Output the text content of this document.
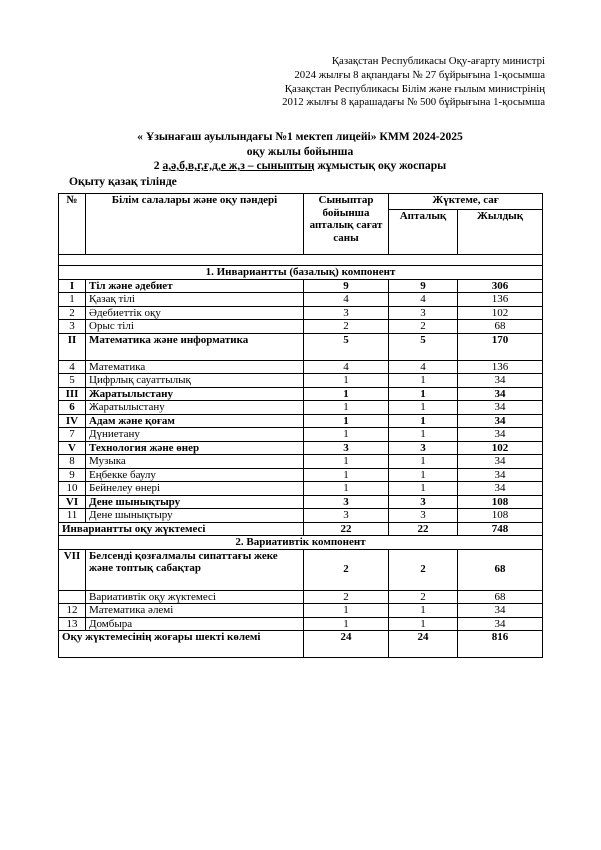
Қазақстан Республикасы Оқу-ағарту министрі
2024 жылғы 8 ақпандағы № 27 бұйрығына 1-қосымша
Қазақстан Республикасы Білім және ғылым министрінің
2012 жылғы 8 қарашадағы № 500 бұйрығына 1-қосымша
« Ұзынағаш ауылындағы №1 мектеп лицейі» КММ 2024-2025
оқу жылы бойынша
2 а,ә,б,в,г,ғ,д,е ж,з – сыныптың жұмыстық оқу жоспары
Оқыту қазақ тілінде
№	Білім салалары және оқу пәндері	Сыныптар бойынша апталық сағат саны	Жүктеме, сағ	
			Апталық	Жылдық

1. Инвариантты (базалық) компонент				
I	Тіл және әдебиет	9	9	306
1	Қазақ тілі	4	4	136
2	Әдебиеттік оқу	3	3	102
3	Орыс тілі	2	2	68
II	Математика және информатика	5	5	170
4	Математика	4	4	136
5	Цифрлық сауаттылық	1	1	34
III	Жаратылыстану	1	1	34
6	Жаратылыстану	1	1	34
IV	Адам және қоғам	1	1	34
7	Дүниетану	1	1	34
V	Технология және өнер	3	3	102
8	Музыка	1	1	34
9	Еңбекке баулу	1	1	34
10	Бейнелеу өнері	1	1	34
VI	Дене шынықтыру	3	3	108
11	Дене шынықтыру	3	3	108
Инвариантты оқу жүктемесі		22	22	748
2. Вариативтік компонент				
VII	Белсенді қозғалмалы сипаттағы жеке және топтық сабақтар	2	2	68
	Вариативтік оқу жүктемесі	2	2	68
12	Математика әлемі	1	1	34
13	Домбыра	1	1	34
Оқу жүктемесінің жоғары шекті көлемі		24	24	816
